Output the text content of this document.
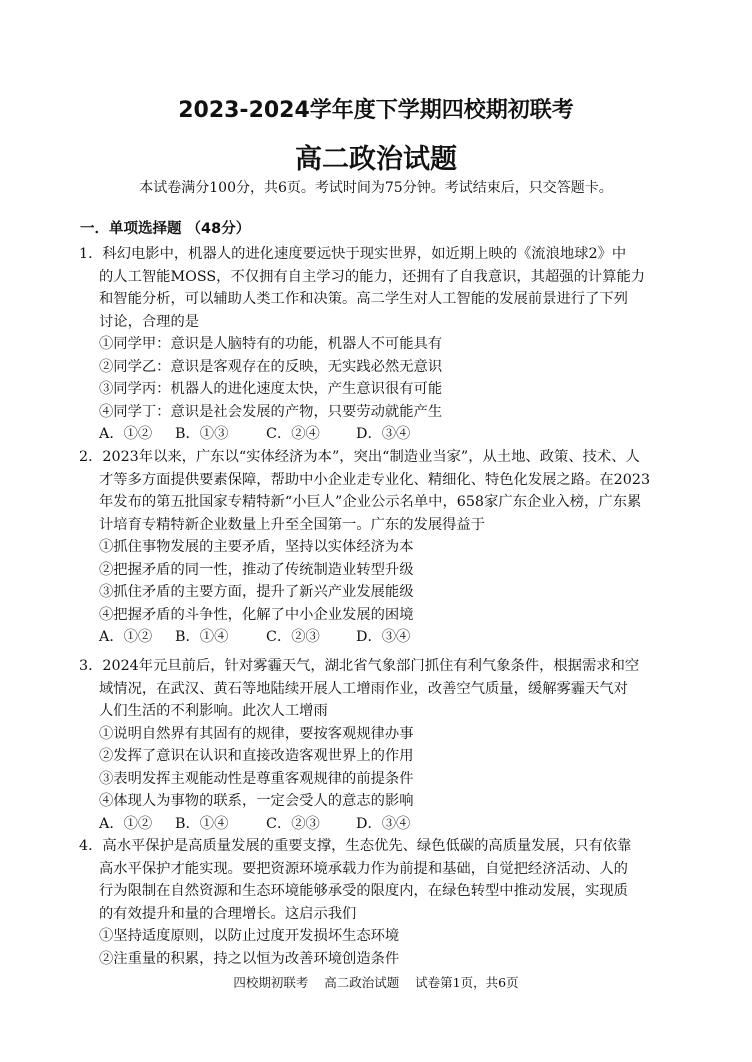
2023-2024学年度下学期四校期初联考
高二政治试题
本试卷满分100分，共6页。考试时间为75分钟。考试结束后，只交答题卡。
一．单项选择题 （48分）

1．科幻电影中，机器人的进化速度要远快于现实世界，如近期上映的《流浪地球2》中

的人工智能MOSS，不仅拥有自主学习的能力，还拥有了自我意识，其超强的计算能力

和智能分析，可以辅助人类工作和决策。高二学生对人工智能的发展前景进行了下列

讨论，合理的是

①同学甲：意识是人脑特有的功能，机器人不可能具有
②同学乙：意识是客观存在的反映，无实践必然无意识
③同学丙：机器人的进化速度太快，产生意识很有可能
④同学丁：意识是社会发展的产物，只要劳动就能产生
A．①② B．①③	C．②④	D．③④

2．2023年以来，广东以“实体经济为本”，突出“制造业当家”，从土地、政策、技术、人

才等多方面提供要素保障，帮助中小企业走专业化、精细化、特色化发展之路。在2023

年发布的第五批国家专精特新“小巨人”企业公示名单中，658家广东企业入榜，广东累

计培育专精特新企业数量上升至全国第一。广东的发展得益于

①抓住事物发展的主要矛盾，坚持以实体经济为本
②把握矛盾的同一性，推动了传统制造业转型升级
③抓住矛盾的主要方面，提升了新兴产业发展能级
④把握矛盾的斗争性，化解了中小企业发展的困境
A．①② B．①④	C．②③	D．③④

3．2024年元旦前后，针对雾霾天气，湖北省气象部门抓住有利气象条件，根据需求和空

域情况，在武汉、黄石等地陆续开展人工增雨作业，改善空气质量，缓解雾霾天气对

人们生活的不利影响。此次人工增雨

①说明自然界有其固有的规律，要按客观规律办事
②发挥了意识在认识和直接改造客观世界上的作用
③表明发挥主观能动性是尊重客观规律的前提条件
④体现人为事物的联系，一定会受人的意志的影响
A．①② B．①④	C．②③	D．③④

4．高水平保护是高质量发展的重要支撑，生态优先、绿色低碳的高质量发展，只有依靠

高水平保护才能实现。要把资源环境承载力作为前提和基础，自觉把经济活动、人的

行为限制在自然资源和生态环境能够承受的限度内，在绿色转型中推动发展，实现质

的有效提升和量的合理增长。这启示我们

①坚持适度原则，以防止过度开发损坏生态环境
②注重量的积累，持之以恒为改善环境创造条件
四校期初联考    高二政治试题    试卷第1页，共6页
